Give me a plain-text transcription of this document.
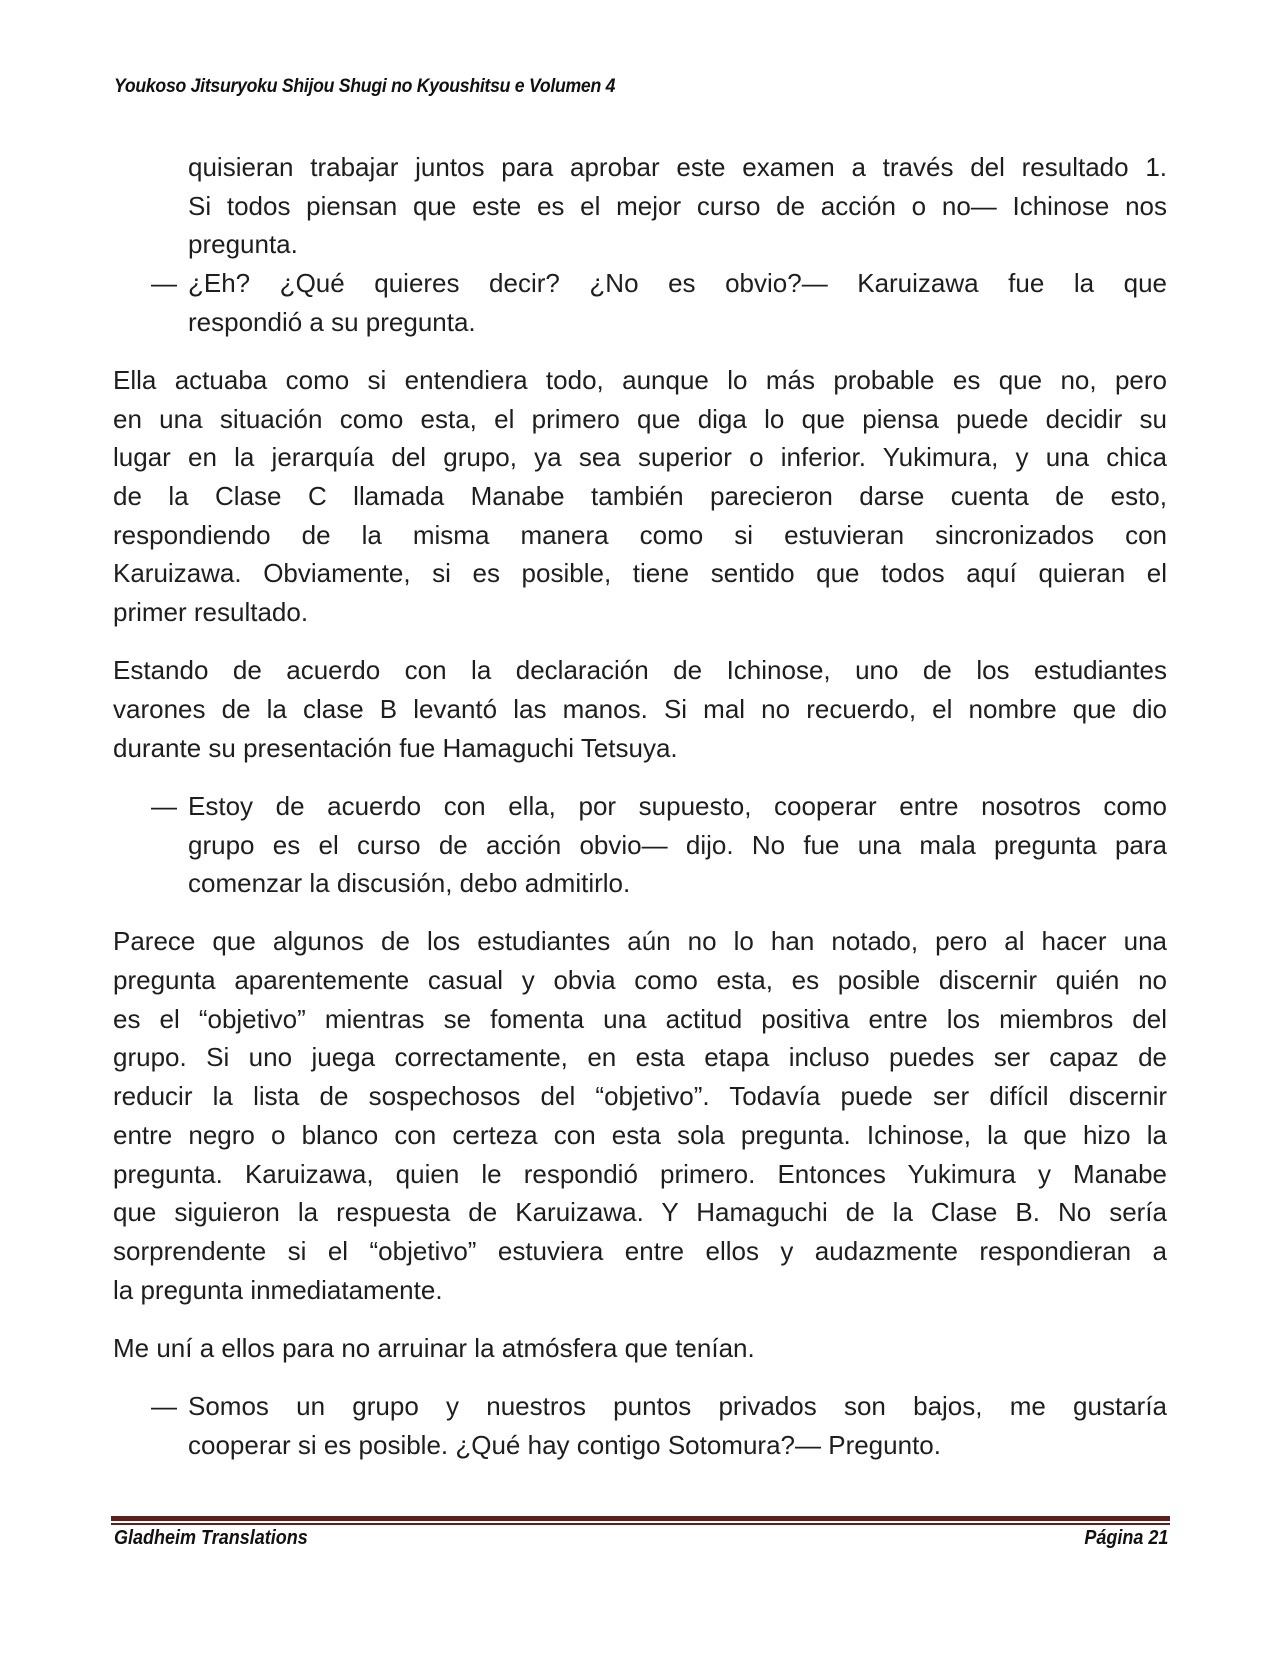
Youkoso Jitsuryoku Shijou Shugi no Kyoushitsu e Volumen 4
quisieran trabajar juntos para aprobar este examen a través del resultado 1.
Si todos piensan que este es el mejor curso de acción o no— Ichinose nos
pregunta.
— ¿Eh? ¿Qué quieres decir? ¿No es obvio?— Karuizawa fue la que
respondió a su pregunta.
Ella actuaba como si entendiera todo, aunque lo más probable es que no, pero
en una situación como esta, el primero que diga lo que piensa puede decidir su
lugar en la jerarquía del grupo, ya sea superior o inferior. Yukimura, y una chica
de la Clase C llamada Manabe también parecieron darse cuenta de esto,
respondiendo de la misma manera como si estuvieran sincronizados con
Karuizawa. Obviamente, si es posible, tiene sentido que todos aquí quieran el
primer resultado.
Estando de acuerdo con la declaración de Ichinose, uno de los estudiantes
varones de la clase B levantó las manos. Si mal no recuerdo, el nombre que dio
durante su presentación fue Hamaguchi Tetsuya.
— Estoy de acuerdo con ella, por supuesto, cooperar entre nosotros como
grupo es el curso de acción obvio— dijo. No fue una mala pregunta para
comenzar la discusión, debo admitirlo.
Parece que algunos de los estudiantes aún no lo han notado, pero al hacer una
pregunta aparentemente casual y obvia como esta, es posible discernir quién no
es el “objetivo” mientras se fomenta una actitud positiva entre los miembros del
grupo. Si uno juega correctamente, en esta etapa incluso puedes ser capaz de
reducir la lista de sospechosos del “objetivo”. Todavía puede ser difícil discernir
entre negro o blanco con certeza con esta sola pregunta. Ichinose, la que hizo la
pregunta. Karuizawa, quien le respondió primero. Entonces Yukimura y Manabe
que siguieron la respuesta de Karuizawa. Y Hamaguchi de la Clase B. No sería
sorprendente si el “objetivo” estuviera entre ellos y audazmente respondieran a
la pregunta inmediatamente.
Me uní a ellos para no arruinar la atmósfera que tenían.
— Somos un grupo y nuestros puntos privados son bajos, me gustaría
cooperar si es posible. ¿Qué hay contigo Sotomura?— Pregunto.
Gladheim Translations	Página 21
